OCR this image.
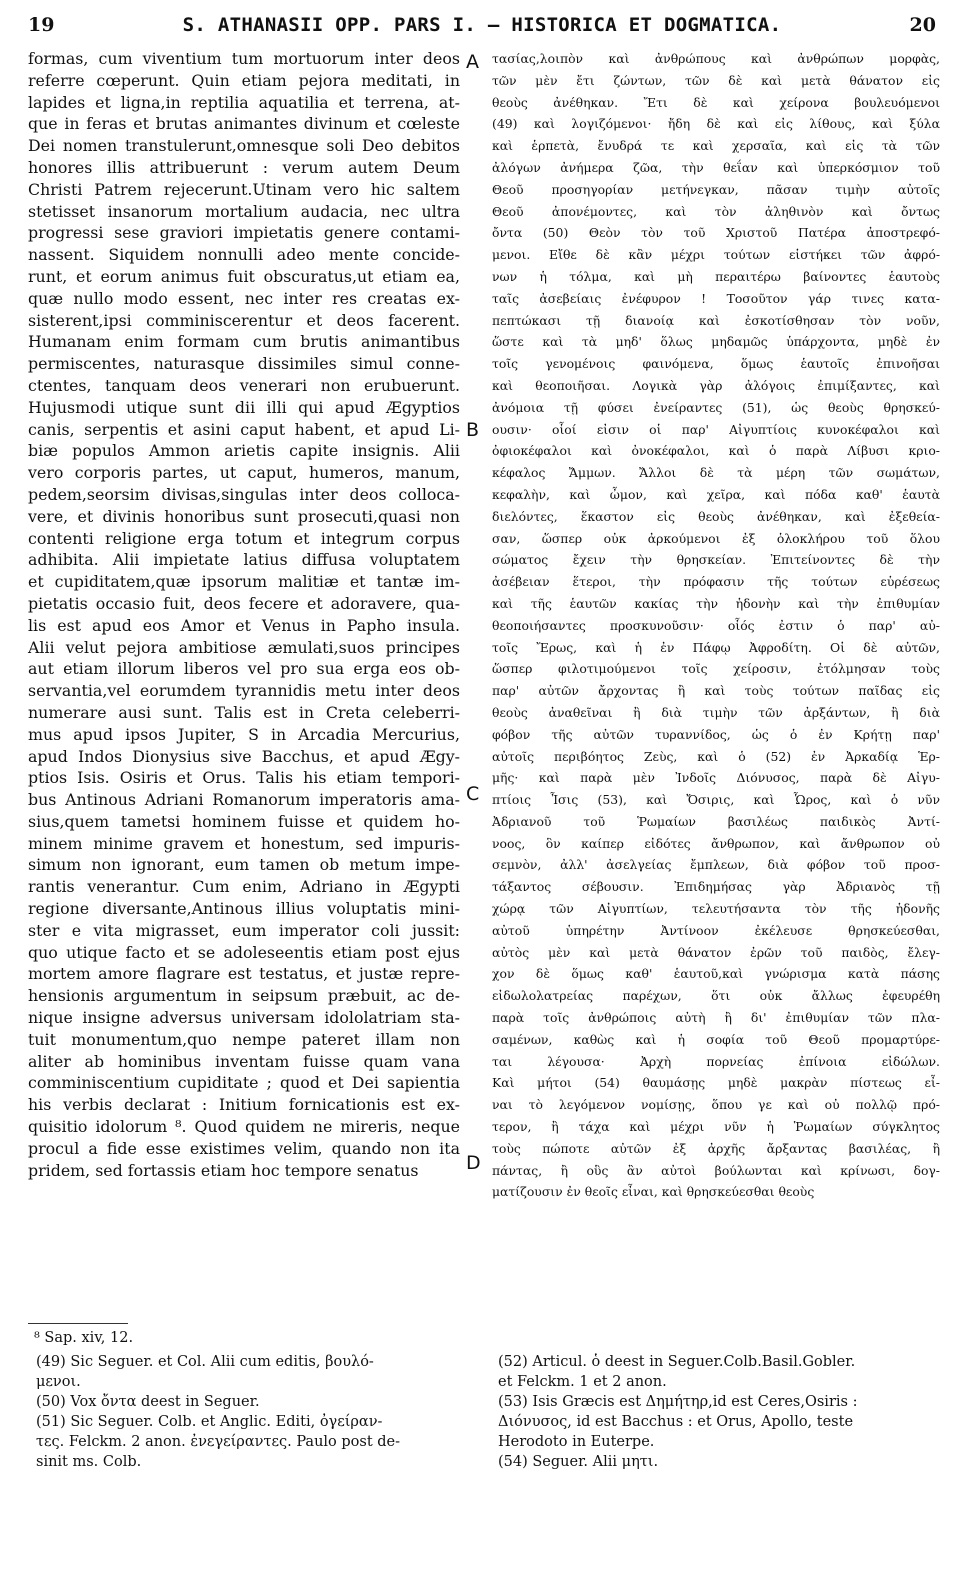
19	S. ATHANASII OPP. PARS I. — HISTORICA ET DOGMATICA.	20
formas, cum viventium tum mortuorum inter deos
referre cœperunt. Quin etiam pejora meditati, in
lapides et ligna,in reptilia aquatilia et terrena, at-
que in feras et brutas animantes divinum et cœleste
Dei nomen transtulerunt,omnesque soli Deo debitos
honores illis attribuerunt : verum autem Deum
Christi Patrem rejecerunt.Utinam vero hic saltem
stetisset insanorum mortalium audacia, nec ultra
progressi sese graviori impietatis genere contami-
nassent. Siquidem nonnulli adeo mente concide-
runt, et eorum animus fuit obscuratus,ut etiam ea,
quæ nullo modo essent, nec inter res creatas ex-
sisterent,ipsi comminiscerentur et deos facerent.
Humanam enim formam cum brutis animantibus
permiscentes, naturasque dissimiles simul conne-
ctentes, tanquam deos venerari non erubuerunt.
Hujusmodi utique sunt dii illi qui apud Ægyptios
canis, serpentis et asini caput habent, et apud Li-
biæ populos Ammon arietis capite insignis. Alii
vero corporis partes, ut caput, humeros, manum,
pedem,seorsim divisas,singulas inter deos colloca-
vere, et divinis honoribus sunt prosecuti,quasi non
contenti religione erga totum et integrum corpus
adhibita. Alii impietate latius diffusa voluptatem
et cupiditatem,quæ ipsorum malitiæ et tantæ im-
pietatis occasio fuit, deos fecere et adoravere, qua-
lis est apud eos Amor et Venus in Papho insula.
Alii velut pejora ambitiose æmulati,suos principes
aut etiam illorum liberos vel pro sua erga eos ob-
servantia,vel eorumdem tyrannidis metu inter deos
numerare ausi sunt. Talis est in Creta celeberri-
mus apud ipsos Jupiter, S in Arcadia Mercurius,
apud Indos Dionysius sive Bacchus, et apud Ægy-
ptios Isis. Osiris et Orus. Talis his etiam tempori-
bus Antinous Adriani Romanorum imperatoris ama-
sius,quem tametsi hominem fuisse et quidem ho-
minem minime gravem et honestum, sed impuris-
simum non ignorant, eum tamen ob metum impe-
rantis venerantur. Cum enim, Adriano in Ægypti
regione diversante,Antinous illius voluptatis mini-
ster e vita migrasset, eum imperator coli jussit:
quo utique facto et se adoleseentis etiam post ejus
mortem amore flagrare est testatus, et justæ repre-
hensionis argumentum in seipsum præbuit, ac de-
nique insigne adversus universam idololatriam sta-
tuit monumentum,quo nempe pateret illam non
aliter ab hominibus inventam fuisse quam vana
comminiscentium cupiditate ; quod et Dei sapientia
his verbis declarat : Initium fornicationis est ex-
quisitio idolorum ⁸. Quod quidem ne mireris, neque
procul a fide esse existimes velim, quando non ita
pridem, sed fortassis etiam hoc tempore senatus
τασίας,λοιπὸν καὶ ἀνθρώπους καὶ ἀνθρώπων μορφὰς,
τῶν μὲν ἔτι ζώντων, τῶν δὲ καὶ μετὰ θάνατον εἰς
θεοὺς ἀνέθηκαν. Ἔτι δὲ καὶ χείρονα βουλευόμενοι
(49) καὶ λογιζόμενοι· ἤδη δὲ καὶ εἰς λίθους, καὶ ξύλα
καὶ ἑρπετὰ, ἔνυδρά τε καὶ χερσαῖα, καὶ εἰς τὰ τῶν
ἀλόγων ἀνήμερα ζῶα, τὴν θεΐαν καὶ ὑπερκόσμιον τοῦ
Θεοῦ προσηγορίαν μετήνεγκαν, πᾶσαν τιμὴν αὐτοῖς
Θεοῦ ἀπονέμοντες, καὶ τὸν ἀληθινὸν καὶ ὄντως
ὄντα (50) Θεὸν τὸν τοῦ Χριστοῦ Πατέρα ἀποστρεφό-
μενοι. Εἴθε δὲ κἂν μέχρι τούτων εἱστήκει τῶν ἀφρό-
νων ἡ τόλμα, καὶ μὴ περαιτέρω βαίνοντες ἑαυτοὺς
ταῖς ἀσεβείαις ἐνέφυρον ! Τοσοῦτον γάρ τινες κατα-
πεπτώκασι τῇ διανοίᾳ καὶ ἐσκοτίσθησαν τὸν νοῦν,
ὥστε καὶ τὰ μηδ' ὅλως μηδαμῶς ὑπάρχοντα, μηδὲ ἐν
τοῖς γενομένοις φαινόμενα, ὅμως ἑαυτοῖς ἐπινοῆσαι
καὶ θεοποιῆσαι. Λογικὰ γὰρ ἀλόγοις ἐπιμίξαντες, καὶ
ἀνόμοια τῇ φύσει ἐνείραντες (51), ὡς θεοὺς θρησκεύ-
ουσιν· οἷοί εἰσιν οἱ παρ' Αἰγυπτίοις κυνοκέφαλοι καὶ
ὀφιοκέφαλοι καὶ ὀνοκέφαλοι, καὶ ὁ παρὰ Λίβυσι κριο-
κέφαλος Ἄμμων. Ἄλλοι δὲ τὰ μέρη τῶν σωμάτων,
κεφαλὴν, καὶ ὦμον, καὶ χεῖρα, καὶ πόδα καθ' ἑαυτὰ
διελόντες, ἕκαστον εἰς θεοὺς ἀνέθηκαν, καὶ ἐξεθεία-
σαν, ὥσπερ οὐκ ἀρκούμενοι ἐξ ὁλοκλήρου τοῦ ὅλου
σώματος ἔχειν τὴν θρησκείαν. Ἐπιτείνοντες δὲ τὴν
ἀσέβειαν ἕτεροι, τὴν πρόφασιν τῆς τούτων εὑρέσεως
καὶ τῆς ἑαυτῶν κακίας τὴν ἡδονὴν καὶ τὴν ἐπιθυμίαν
θεοποιήσαντες προσκυνοῦσιν· οἷός ἐστιν ὁ παρ' αὐ-
τοῖς Ἔρως, καὶ ἡ ἐν Πάφῳ Ἀφροδίτη. Οἱ δὲ αὐτῶν,
ὥσπερ φιλοτιμούμενοι τοῖς χείροσιν, ἐτόλμησαν τοὺς
παρ' αὐτῶν ἄρχοντας ἢ καὶ τοὺς τούτων παῖδας εἰς
θεοὺς ἀναθεῖναι ἢ διὰ τιμὴν τῶν ἀρξάντων, ἢ διὰ
φόβον τῆς αὐτῶν τυραννίδος, ὡς ὁ ἐν Κρήτῃ παρ'
αὐτοῖς περιβόητος Ζεὺς, καὶ ὁ (52) ἐν Ἀρκαδίᾳ Ἑρ-
μῆς· καὶ παρὰ μὲν Ἰνδοῖς Διόνυσος, παρὰ δὲ Αἰγυ-
πτίοις Ἶσις (53), καὶ Ὄσιρις, καὶ Ὧρος, καὶ ὁ νῦν
Ἀδριανοῦ τοῦ Ῥωμαίων βασιλέως παιδικὸς Ἀντί-
νοος, ὃν καίπερ εἰδότες ἄνθρωπον, καὶ ἄνθρωπον οὐ
σεμνὸν, ἀλλ' ἀσελγείας ἔμπλεων, διὰ φόβον τοῦ προσ-
τάξαντος σέβουσιν. Ἐπιδημήσας γὰρ Ἀδριανὸς τῇ
χώρᾳ τῶν Αἰγυπτίων, τελευτήσαντα τὸν τῆς ἡδονῆς
αὐτοῦ ὑπηρέτην Ἀντίνοον ἐκέλευσε θρησκεύεσθαι,
αὐτὸς μὲν καὶ μετὰ θάνατον ἐρῶν τοῦ παιδὸς, ἔλεγ-
χον δὲ ὅμως καθ' ἑαυτοῦ,καὶ γνώρισμα κατὰ πάσης
εἰδωλολατρείας παρέχων, ὅτι οὐκ ἄλλως ἐφευρέθη
παρὰ τοῖς ἀνθρώποις αὐτὴ ἢ δι' ἐπιθυμίαν τῶν πλα-
σαμένων, καθὼς καὶ ἡ σοφία τοῦ Θεοῦ προμαρτύρε-
ται λέγουσα· Ἀρχὴ πορνείας ἐπίνοια εἰδώλων.
Καὶ μήτοι (54) θαυμάσῃς μηδὲ μακρὰν πίστεως εἶ-
ναι τὸ λεγόμενον νομίσῃς, ὅπου γε καὶ οὐ πολλῷ πρό-
τερον, ἢ τάχα καὶ μέχρι νῦν ἡ Ῥωμαίων σύγκλητος
τοὺς πώποτε αὐτῶν ἐξ ἀρχῆς ἄρξαντας βασιλέας, ἢ
πάντας, ἢ οὓς ἂν αὐτοὶ βούλωνται καὶ κρίνωσι, δογ-
ματίζουσιν ἐν θεοῖς εἶναι, καὶ θρησκεύεσθαι θεοὺς
A
B
C
D
⁸ Sap. xiv, 12.
(49) Sic Seguer. et Col. Alii cum editis, βουλό-
μενοι.
(50) Vox ὄντα deest in Seguer.
(51) Sic Seguer. Colb. et Anglic. Editi, ὀγείραν-
τες. Felckm. 2 anon. ἐνεγείραντες. Paulo post de-
sinit ms. Colb.
(52) Articul. ὁ deest in Seguer.Colb.Basil.Gobler.
et Felckm. 1 et 2 anon.
(53) Isis Græcis est Δημήτηρ,id est Ceres,Osiris :
Διόνυσος, id est Bacchus : et Orus, Apollo, teste
Herodoto in Euterpe.
(54) Seguer. Alii μητι.
